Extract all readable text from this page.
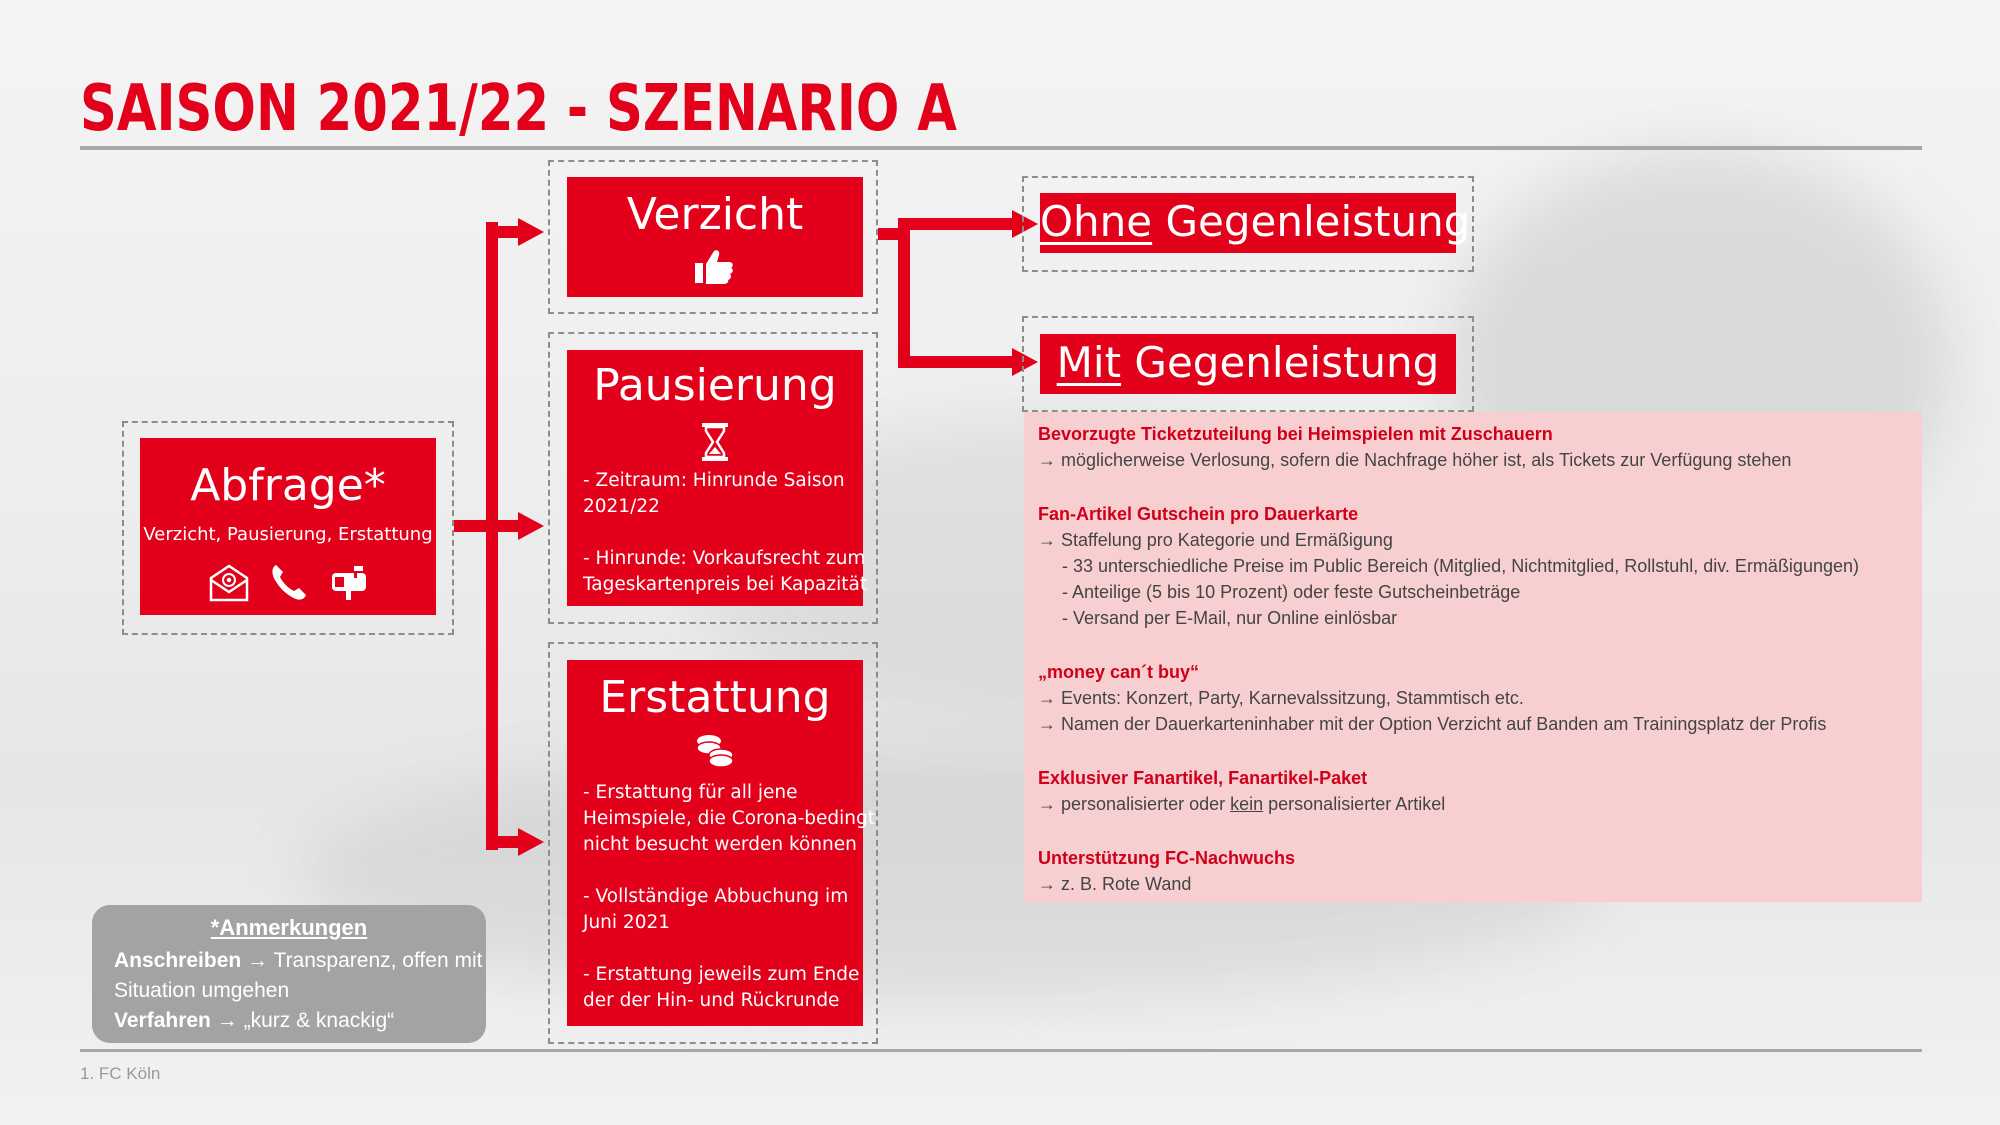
SAISON 2021/22 - SZENARIO A
Abfrage*
Verzicht, Pausierung, Erstattung
Verzicht
Pausierung
- Zeitraum: Hinrunde Saison
2021/22
- Hinrunde: Vorkaufsrecht zum
Tageskartenpreis bei Kapazität
Erstattung
- Erstattung für all jene
Heimspiele, die Corona-bedingt
nicht besucht werden können
- Vollständige Abbuchung im
Juni 2021
- Erstattung jeweils zum Ende
der der Hin- und Rückrunde
Ohne Gegenleistung
Mit Gegenleistung
Bevorzugte Ticketzuteilung bei Heimspielen mit Zuschauern
→ möglicherweise Verlosung, sofern die Nachfrage höher ist, als Tickets zur Verfügung stehen
Fan-Artikel Gutschein pro Dauerkarte
→ Staffelung pro Kategorie und Ermäßigung
- 33 unterschiedliche Preise im Public Bereich (Mitglied, Nichtmitglied, Rollstuhl, div. Ermäßigungen)
- Anteilige (5 bis 10 Prozent) oder feste Gutscheinbeträge
- Versand per E-Mail, nur Online einlösbar
„money can´t buy“
→ Events: Konzert, Party, Karnevalssitzung, Stammtisch etc.
→ Namen der Dauerkarteninhaber mit der Option Verzicht auf Banden am Trainingsplatz der Profis
Exklusiver Fanartikel, Fanartikel-Paket
→ personalisierter oder kein personalisierter Artikel
Unterstützung FC-Nachwuchs
→ z. B. Rote Wand
*Anmerkungen
Anschreiben → Transparenz, offen mit
Situation umgehen
Verfahren → „kurz & knackig“
1. FC Köln
